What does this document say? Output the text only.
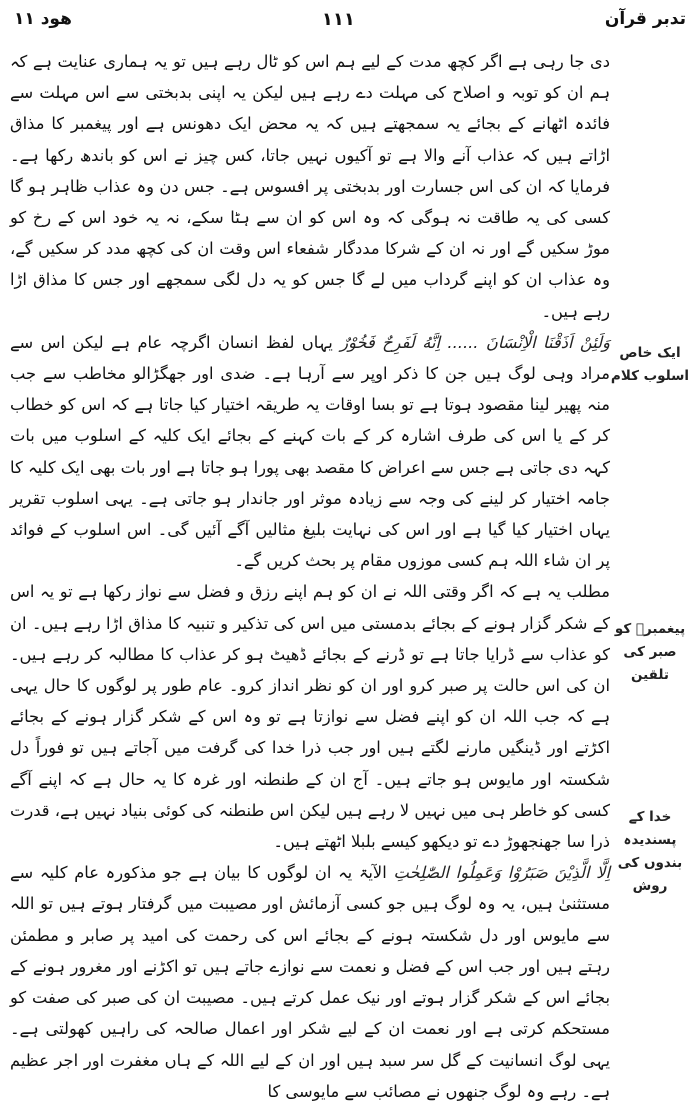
تدبر قرآن
١١١
هود ١١

دی جا رہی ہے اگر کچھ مدت کے لیے ہم اس کو ٹال رہے ہیں تو یہ ہماری عنایت ہے کہ ہم ان کو توبہ و اصلاح کی مہلت دے رہے ہیں لیکن یہ اپنی بدبختی سے اس مہلت سے فائدہ اٹھانے کے بجائے یہ سمجھتے ہیں کہ یہ محض ایک دھونس ہے اور پیغمبر کا مذاق اڑاتے ہیں کہ عذاب آنے والا ہے تو آکیوں نہیں جاتا، کس چیز نے اس کو باندھ رکھا ہے۔ فرمایا کہ ان کی اس جسارت اور بدبختی پر افسوس ہے۔ جس دن وہ عذاب ظاہر ہو گا کسی کی یہ طاقت نہ ہوگی کہ وہ اس کو ان سے ہٹا سکے، نہ یہ خود اس کے رخ کو موڑ سکیں گے اور نہ ان کے شرکا مددگار شفعاء اس وقت ان کی کچھ مدد کر سکیں گے، وہ عذاب ان کو اپنے گرداب میں لے گا جس کو یہ دل لگی سمجھے اور جس کا مذاق اڑا رہے ہیں۔

وَلَئِنْ اَذَقْنَا الْاِنْسَانَ ...... اِنَّهُ لَفَرِحٌ فَخُوْرٌ یہاں لفظ انسان اگرچہ عام ہے لیکن اس سے مراد وہی لوگ ہیں جن کا ذکر اوپر سے آرہا ہے۔ ضدی اور جھگڑالو مخاطب سے جب منہ پھیر لینا مقصود ہوتا ہے تو بسا اوقات یہ طریقہ اختیار کیا جاتا ہے کہ اس کو خطاب کر کے یا اس کی طرف اشارہ کر کے بات کہنے کے بجائے ایک کلیہ کے اسلوب میں بات کہہ دی جاتی ہے جس سے اعراض کا مقصد بھی پورا ہو جاتا ہے اور بات بھی ایک کلیہ کا جامہ اختیار کر لینے کی وجہ سے زیادہ موثر اور جاندار ہو جاتی ہے۔ یہی اسلوب تقریر یہاں اختیار کیا گیا ہے اور اس کی نہایت بلیغ مثالیں آگے آئیں گی۔ اس اسلوب کے فوائد پر ان شاء اللہ ہم کسی موزوں مقام پر بحث کریں گے۔

مطلب یہ ہے کہ اگر وقتی اللہ نے ان کو ہم اپنے رزق و فضل سے نواز رکھا ہے تو یہ اس کے شکر گزار ہونے کے بجائے بدمستی میں اس کی تذکیر و تنبیہ کا مذاق اڑا رہے ہیں۔ ان کو عذاب سے ڈرایا جاتا ہے تو ڈرنے کے بجائے ڈھیٹ ہو کر عذاب کا مطالبہ کر رہے ہیں۔ ان کی اس حالت پر صبر کرو اور ان کو نظر انداز کرو۔ عام طور پر لوگوں کا حال یہی ہے کہ جب اللہ ان کو اپنے فضل سے نوازتا ہے تو وہ اس کے شکر گزار ہونے کے بجائے اکڑتے اور ڈینگیں مارنے لگتے ہیں اور جب ذرا خدا کی گرفت میں آجاتے ہیں تو فوراً دل شکستہ اور مایوس ہو جاتے ہیں۔ آج ان کے طنطنہ اور غرہ کا یہ حال ہے کہ اپنے آگے کسی کو خاطر ہی میں نہیں لا رہے ہیں لیکن اس طنطنہ کی کوئی بنیاد نہیں ہے، قدرت ذرا سا جھنجھوڑ دے تو دیکھو کیسے بلبلا اٹھتے ہیں۔

اِلَّا الَّذِيْنَ صَبَرُوْا وَعَمِلُوا الصّٰلِحٰتِ الآیۃ یہ ان لوگوں کا بیان ہے جو مذکورہ عام کلیہ سے مستثنیٰ ہیں، یہ وہ لوگ ہیں جو کسی آزمائش اور مصیبت میں گرفتار ہوتے ہیں تو اللہ سے مایوس اور دل شکستہ ہونے کے بجائے اس کی رحمت کی امید پر صابر و مطمئن رہتے ہیں اور جب اس کے فضل و نعمت سے نوازے جاتے ہیں تو اکڑنے اور مغرور ہونے کے بجائے اس کے شکر گزار ہوتے اور نیک عمل کرتے ہیں۔ مصیبت ان کی صبر کی صفت کو مستحکم کرتی ہے اور نعمت ان کے لیے شکر اور اعمال صالحہ کی راہیں کھولتی ہے۔ یہی لوگ انسانیت کے گل سر سبد ہیں اور ان کے لیے اللہ کے ہاں مغفرت اور اجر عظیم ہے۔ رہے وہ لوگ جنھوں نے مصائب سے مایوسی کا

ایک خاص اسلوب کلام
پیغمبرؐ کو صبر کی تلقین
خدا کے پسندیدہ بندوں کی روش
